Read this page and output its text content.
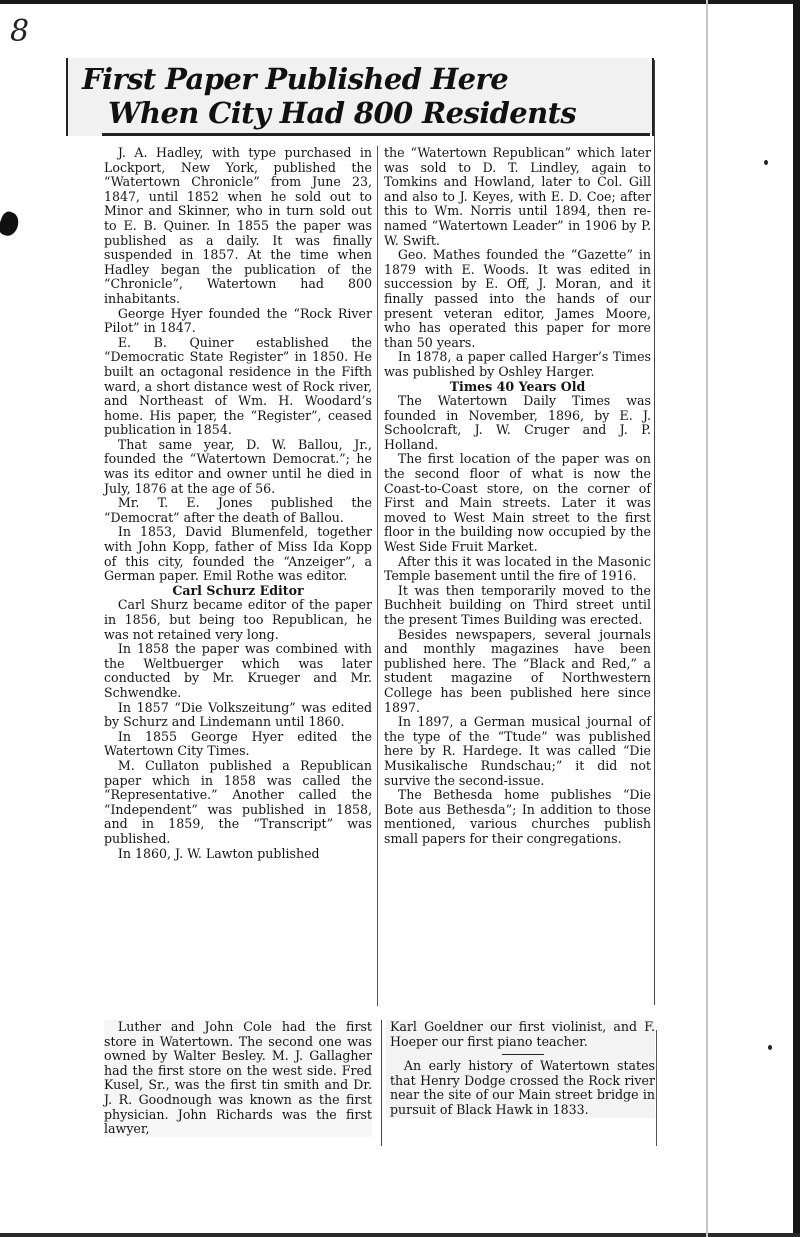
8
First Paper Published Here
When City Had 800 Residents

J. A. Hadley, with type purchased in Lockport, New York, published the “Watertown Chronicle” from June 23, 1847, until 1852 when he sold out to Minor and Skinner, who in turn sold out to E. B. Quiner. In 1855 the paper was published as a daily. It was finally suspended in 1857. At the time when Hadley began the publication of the “Chronicle”, Watertown had 800 inhabitants.

George Hyer founded the “Rock River Pilot” in 1847.

E. B. Quiner established the “Democratic State Register” in 1850. He built an octagonal residence in the Fifth ward, a short distance west of Rock river, and Northeast of Wm. H. Woodard’s home. His paper, the “Register”, ceased publication in 1854.

That same year, D. W. Ballou, Jr., founded the “Watertown Democrat.”; he was its editor and owner until he died in July, 1876 at the age of 56.

Mr. T. E. Jones published the “Democrat” after the death of Ballou.

In 1853, David Blumenfeld, together with John Kopp, father of Miss Ida Kopp of this city, founded the “Anzeiger”, a German paper. Emil Rothe was editor.

Carl Schurz Editor

Carl Shurz became editor of the paper in 1856, but being too Republican, he was not retained very long.

In 1858 the paper was combined with the Weltbuerger which was later conducted by Mr. Krueger and Mr. Schwendke.

In 1857 “Die Volkszeitung” was edited by Schurz and Lindemann until 1860.

In 1855 George Hyer edited the Watertown City Times.

M. Cullaton published a Republican paper which in 1858 was called the “Representative.” Another called the “Independent” was published in 1858, and in 1859, the “Transcript” was published.

In 1860, J. W. Lawton published

the “Watertown Republican” which later was sold to D. T. Lindley, again to Tomkins and Howland, later to Col. Gill and also to J. Keyes, with E. D. Coe; after this to Wm. Norris until 1894, then re-named “Watertown Leader” in 1906 by P. W. Swift.

Geo. Mathes founded the “Gazette” in 1879 with E. Woods. It was edited in succession by E. Off, J. Moran, and it finally passed into the hands of our present veteran editor, James Moore, who has operated this paper for more than 50 years.

In 1878, a paper called Harger’s Times was published by Oshley Harger.

Times 40 Years Old

The Watertown Daily Times was founded in November, 1896, by E. J. Schoolcraft, J. W. Cruger and J. P. Holland.

The first location of the paper was on the second floor of what is now the Coast-to-Coast store, on the corner of First and Main streets. Later it was moved to West Main street to the first floor in the building now occupied by the West Side Fruit Market.

After this it was located in the Masonic Temple basement until the fire of 1916.

It was then temporarily moved to the Buchheit building on Third street until the present Times Building was erected.

Besides newspapers, several journals and monthly magazines have been published here. The “Black and Red,” a student magazine of Northwestern College has been published here since 1897.

In 1897, a German musical journal of the type of the “Ttude” was published here by R. Hardege. It was called “Die Musikalische Rundschau;” it did not survive the second-issue.

The Bethesda home publishes “Die Bote aus Bethesda”; In addition to those mentioned, various churches publish small papers for their congregations.

Luther and John Cole had the first store in Watertown. The second one was owned by Walter Besley. M. J. Gallagher had the first store on the west side. Fred Kusel, Sr., was the first tin smith and Dr. J. R. Goodnough was known as the first physician. John Richards was the first lawyer,

Karl Goeldner our first violinist, and F. Hoeper our first piano teacher.

An early history of Watertown states that Henry Dodge crossed the Rock river near the site of our Main street bridge in pursuit of Black Hawk in 1833.
